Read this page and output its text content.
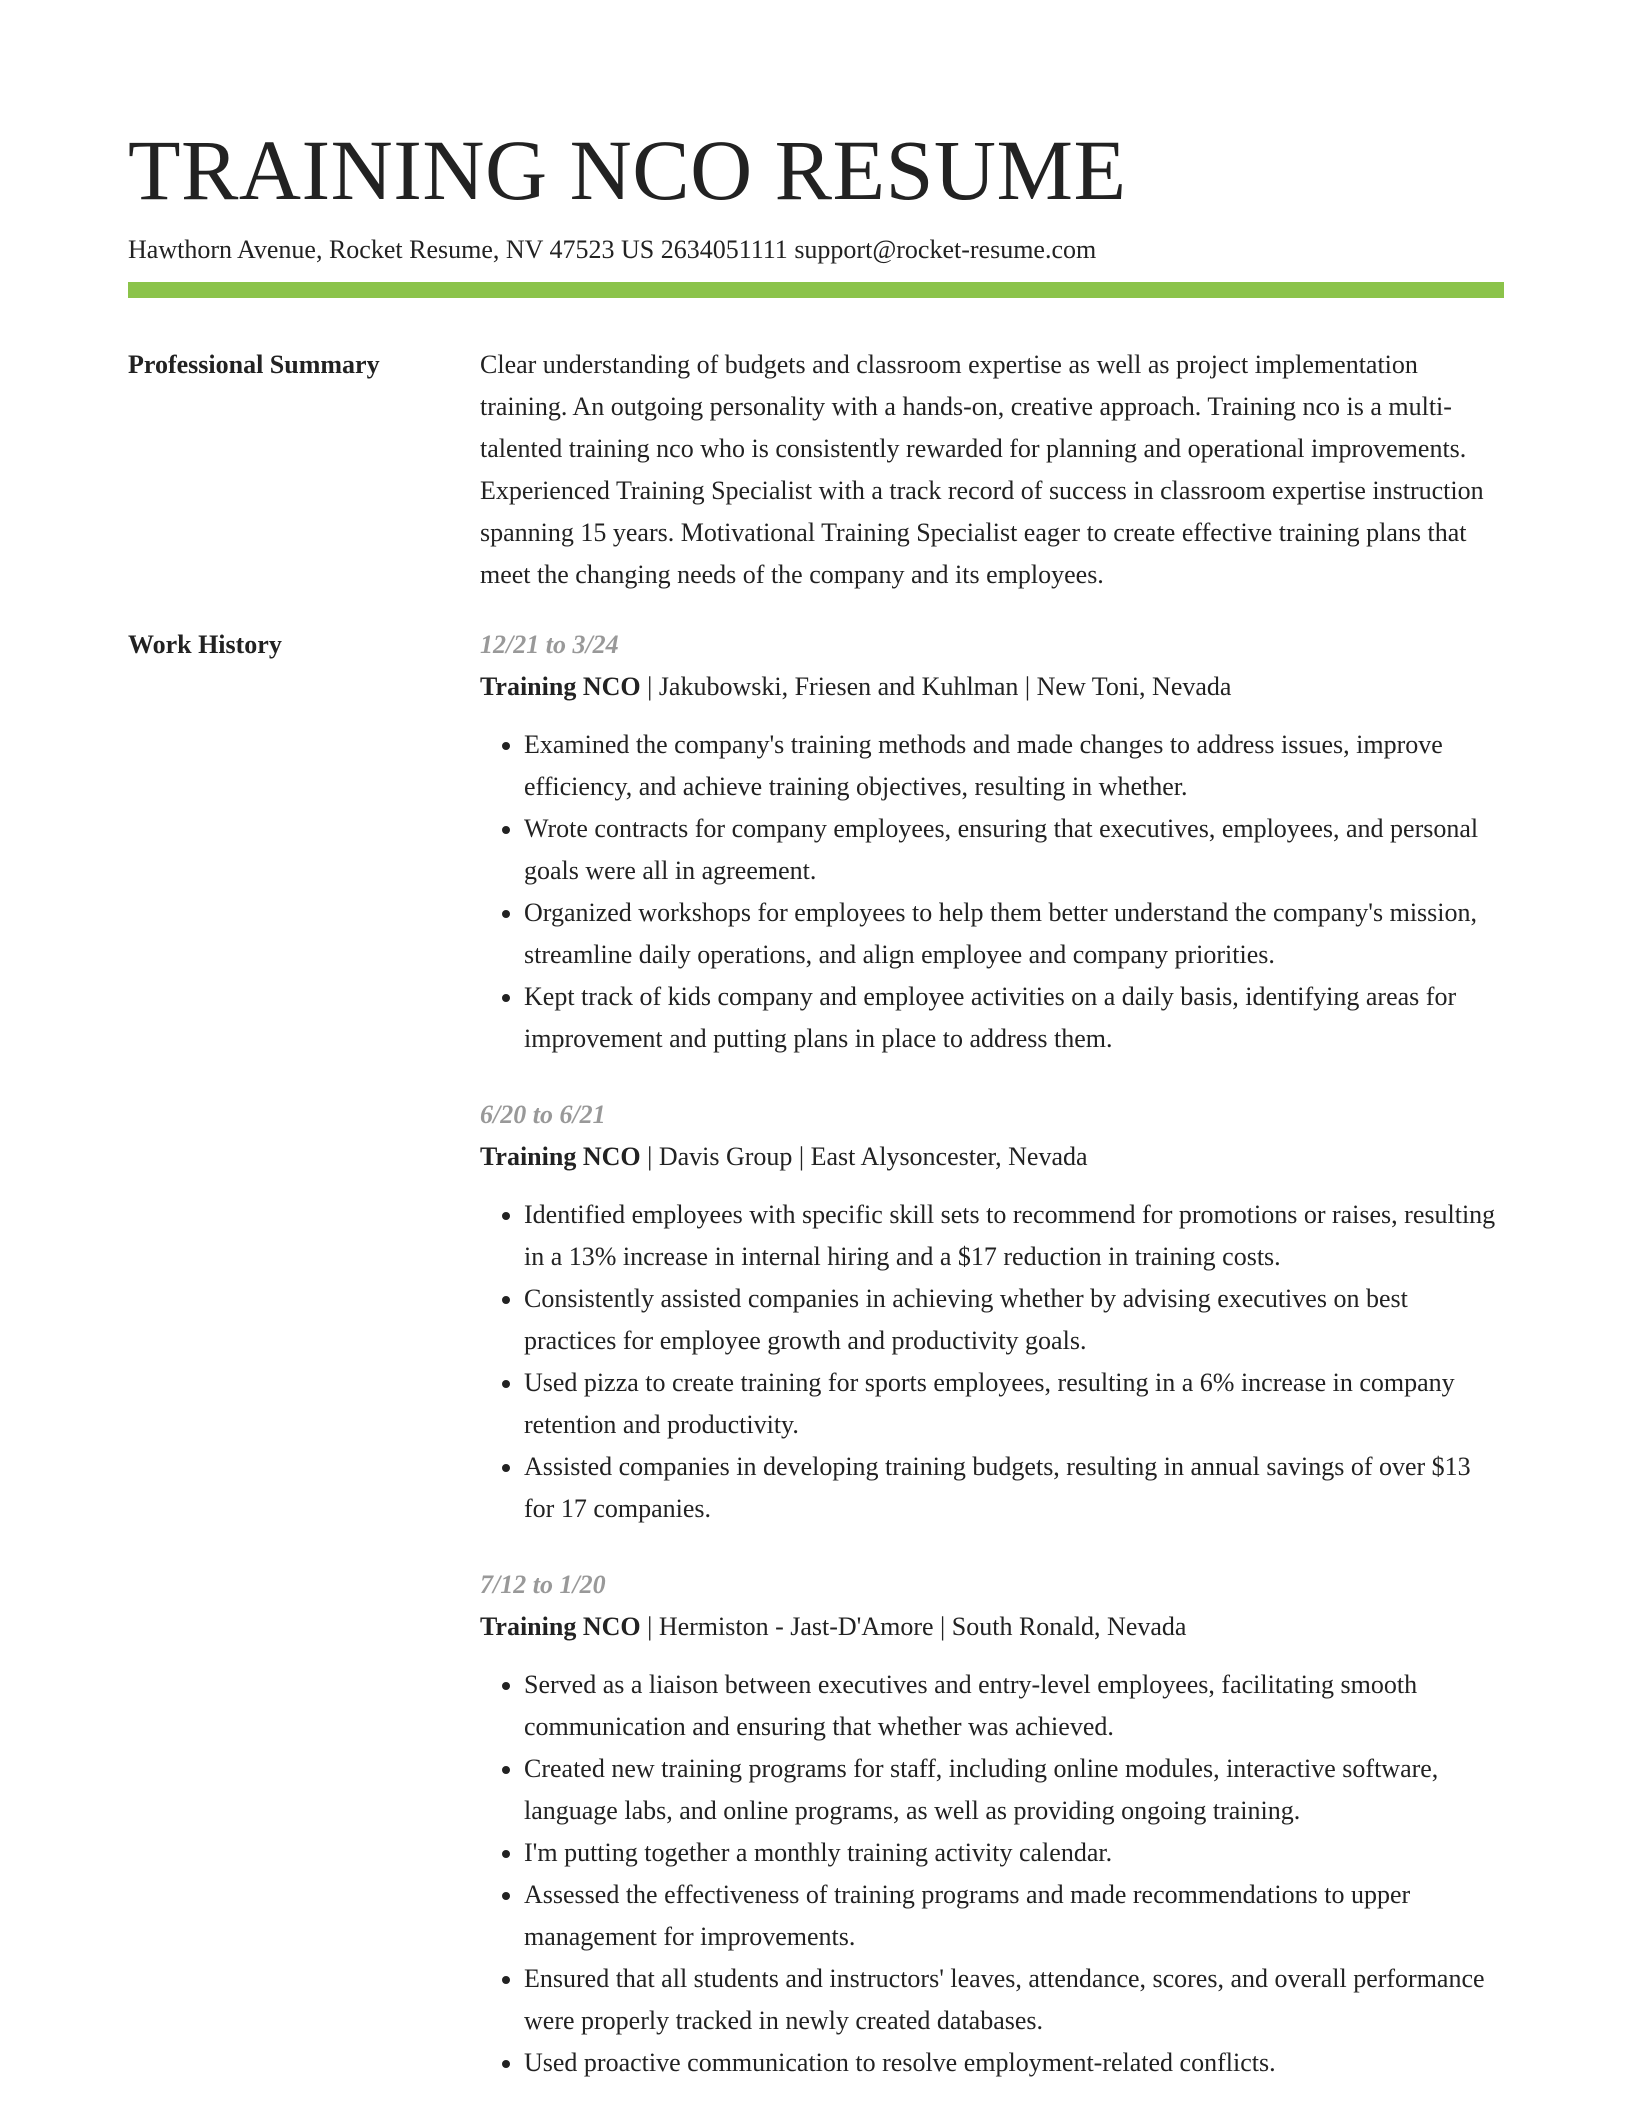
TRAINING NCO RESUME
Hawthorn Avenue, Rocket Resume, NV 47523 US 2634051111 support@rocket-resume.com
Professional Summary	Clear understanding of budgets and classroom expertise as well as project implementation training. An outgoing personality with a hands-on, creative approach. Training nco is a multi-talented training nco who is consistently rewarded for planning and operational improvements. Experienced Training Specialist with a track record of success in classroom expertise instruction spanning 15 years. Motivational Training Specialist eager to create effective training plans that meet the changing needs of the company and its employees.
Work History	12/21 to 3/24
Training NCO | Jakubowski, Friesen and Kuhlman | New Toni, Nevada
• Examined the company's training methods and made changes to address issues, improve efficiency, and achieve training objectives, resulting in whether.
• Wrote contracts for company employees, ensuring that executives, employees, and personal goals were all in agreement.
• Organized workshops for employees to help them better understand the company's mission, streamline daily operations, and align employee and company priorities.
• Kept track of kids company and employee activities on a daily basis, identifying areas for improvement and putting plans in place to address them.
6/20 to 6/21
Training NCO | Davis Group | East Alysoncester, Nevada
• Identified employees with specific skill sets to recommend for promotions or raises, resulting in a 13% increase in internal hiring and a $17 reduction in training costs.
• Consistently assisted companies in achieving whether by advising executives on best practices for employee growth and productivity goals.
• Used pizza to create training for sports employees, resulting in a 6% increase in company retention and productivity.
• Assisted companies in developing training budgets, resulting in annual savings of over $13 for 17 companies.
7/12 to 1/20
Training NCO | Hermiston - Jast-D'Amore | South Ronald, Nevada
• Served as a liaison between executives and entry-level employees, facilitating smooth communication and ensuring that whether was achieved.
• Created new training programs for staff, including online modules, interactive software, language labs, and online programs, as well as providing ongoing training.
• I'm putting together a monthly training activity calendar.
• Assessed the effectiveness of training programs and made recommendations to upper management for improvements.
• Ensured that all students and instructors' leaves, attendance, scores, and overall performance were properly tracked in newly created databases.
• Used proactive communication to resolve employment-related conflicts.
